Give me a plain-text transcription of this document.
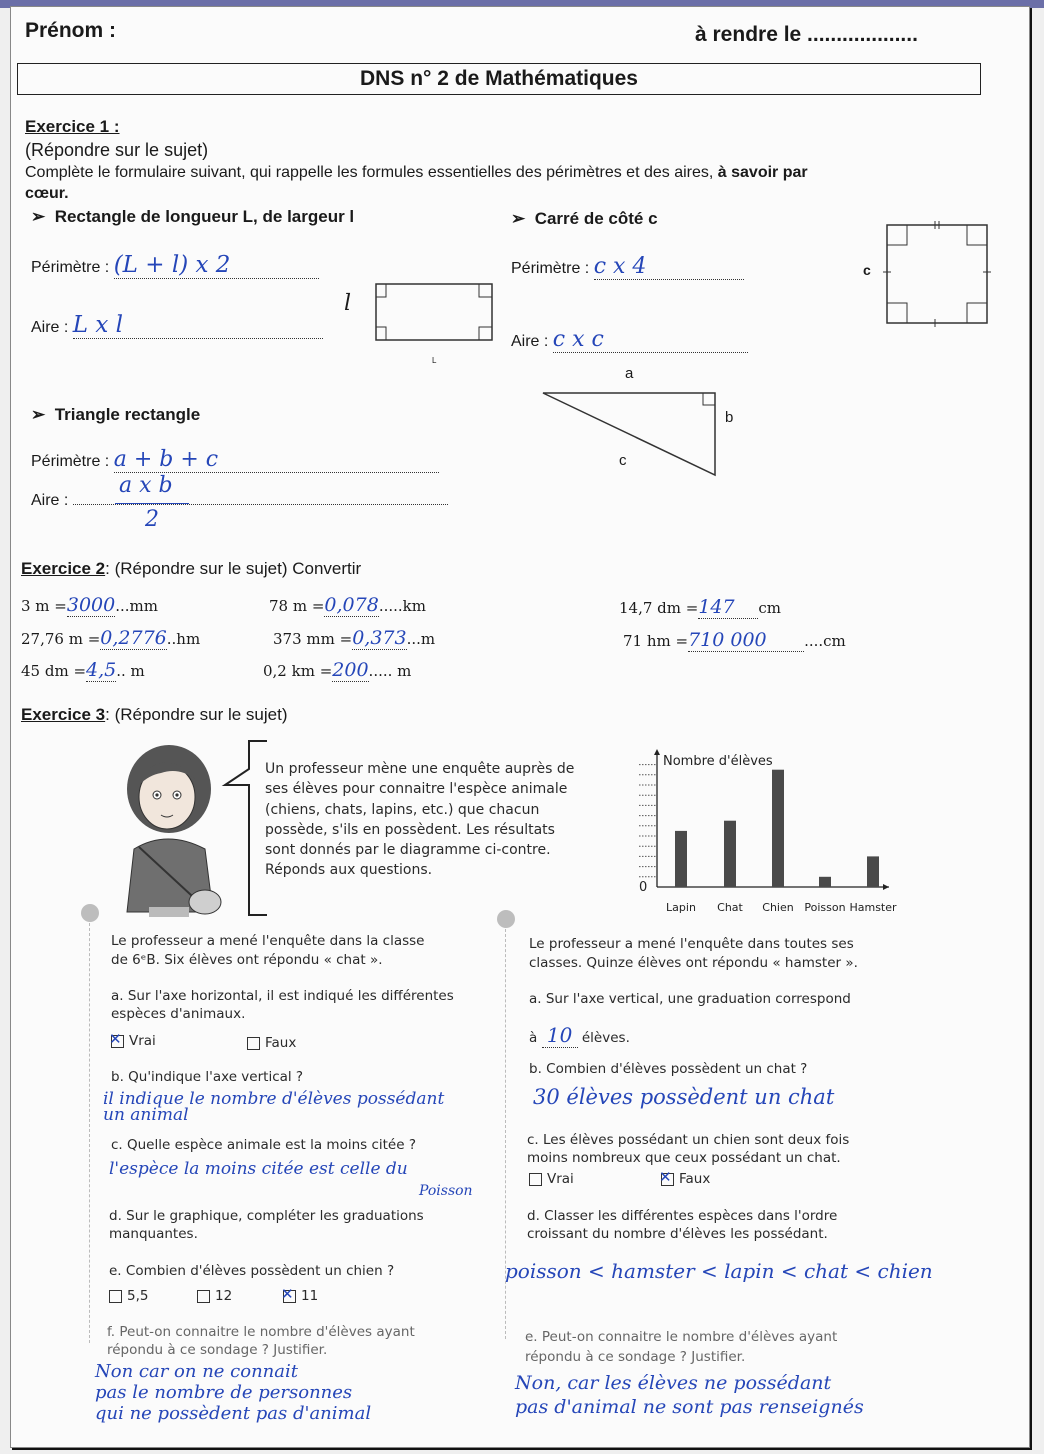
Prénom :	à rendre le ...................
DNS n° 2 de Mathématiques
Exercice 1 :
(Répondre sur le sujet)
Complète le formulaire suivant, qui rappelle les formules essentielles des périmètres et des aires, à savoir par
cœur.
➢  Rectangle de longueur L, de largeur l
Périmètre : (L + l) x 2
Aire : L x l
l
L
➢  Carré de côté c
Périmètre : c x 4
Aire : c x c
c
➢  Triangle rectangle
Périmètre : a + b + c
Aire :
a x b
2
a
b
c
Exercice 2: (Répondre sur le sujet) Convertir
3 m =3000...mm	78 m =0,078.....km	14,7 dm =147 cm
27,76 m =0,2776..hm	373 mm =0,373...m	71 hm =710 000 ....cm
45 dm =4,5.. m	0,2 km =200..... m
Exercice 3: (Répondre sur le sujet)
Un professeur mène une enquête auprès de
ses élèves pour connaitre l'espèce animale
(chiens, chats, lapins, etc.) que chacun
possède, s'ils en possèdent. Les résultats
sont donnés par le diagramme ci-contre.
Réponds aux questions.
Nombre d'élèves
0
Lapin Chat Chien Poisson Hamster
Le professeur a mené l'enquête dans la classe
de 6ᵉB. Six élèves ont répondu « chat ».
a. Sur l'axe horizontal, il est indiqué les différentes
espèces d'animaux.
✕Vrai	Faux
b. Qu'indique l'axe vertical ?
il indique le nombre d'élèves possédant
un animal
c. Quelle espèce animale est la moins citée ?
l'espèce la moins citée est celle du
Poisson
d. Sur le graphique, compléter les graduations
manquantes.
e. Combien d'élèves possèdent un chien ?
5,5	12 ✕	11
f. Peut-on connaitre le nombre d'élèves ayant
répondu à ce sondage ? Justifier.
Non car on ne connait
pas le nombre de personnes
qui ne possèdent pas d'animal
Le professeur a mené l'enquête dans toutes ses
classes. Quinze élèves ont répondu « hamster ».
a. Sur l'axe vertical, une graduation correspond
à 10 élèves.
b. Combien d'élèves possèdent un chat ?
30 élèves possèdent un chat
c. Les élèves possédant un chien sont deux fois
moins nombreux que ceux possédant un chat.
Vrai ✕	Faux
d. Classer les différentes espèces dans l'ordre
croissant du nombre d'élèves les possédant.
poisson < hamster < lapin < chat < chien
e. Peut-on connaitre le nombre d'élèves ayant
répondu à ce sondage ? Justifier.
Non, car les élèves ne possédant
pas d'animal ne sont pas renseignés
